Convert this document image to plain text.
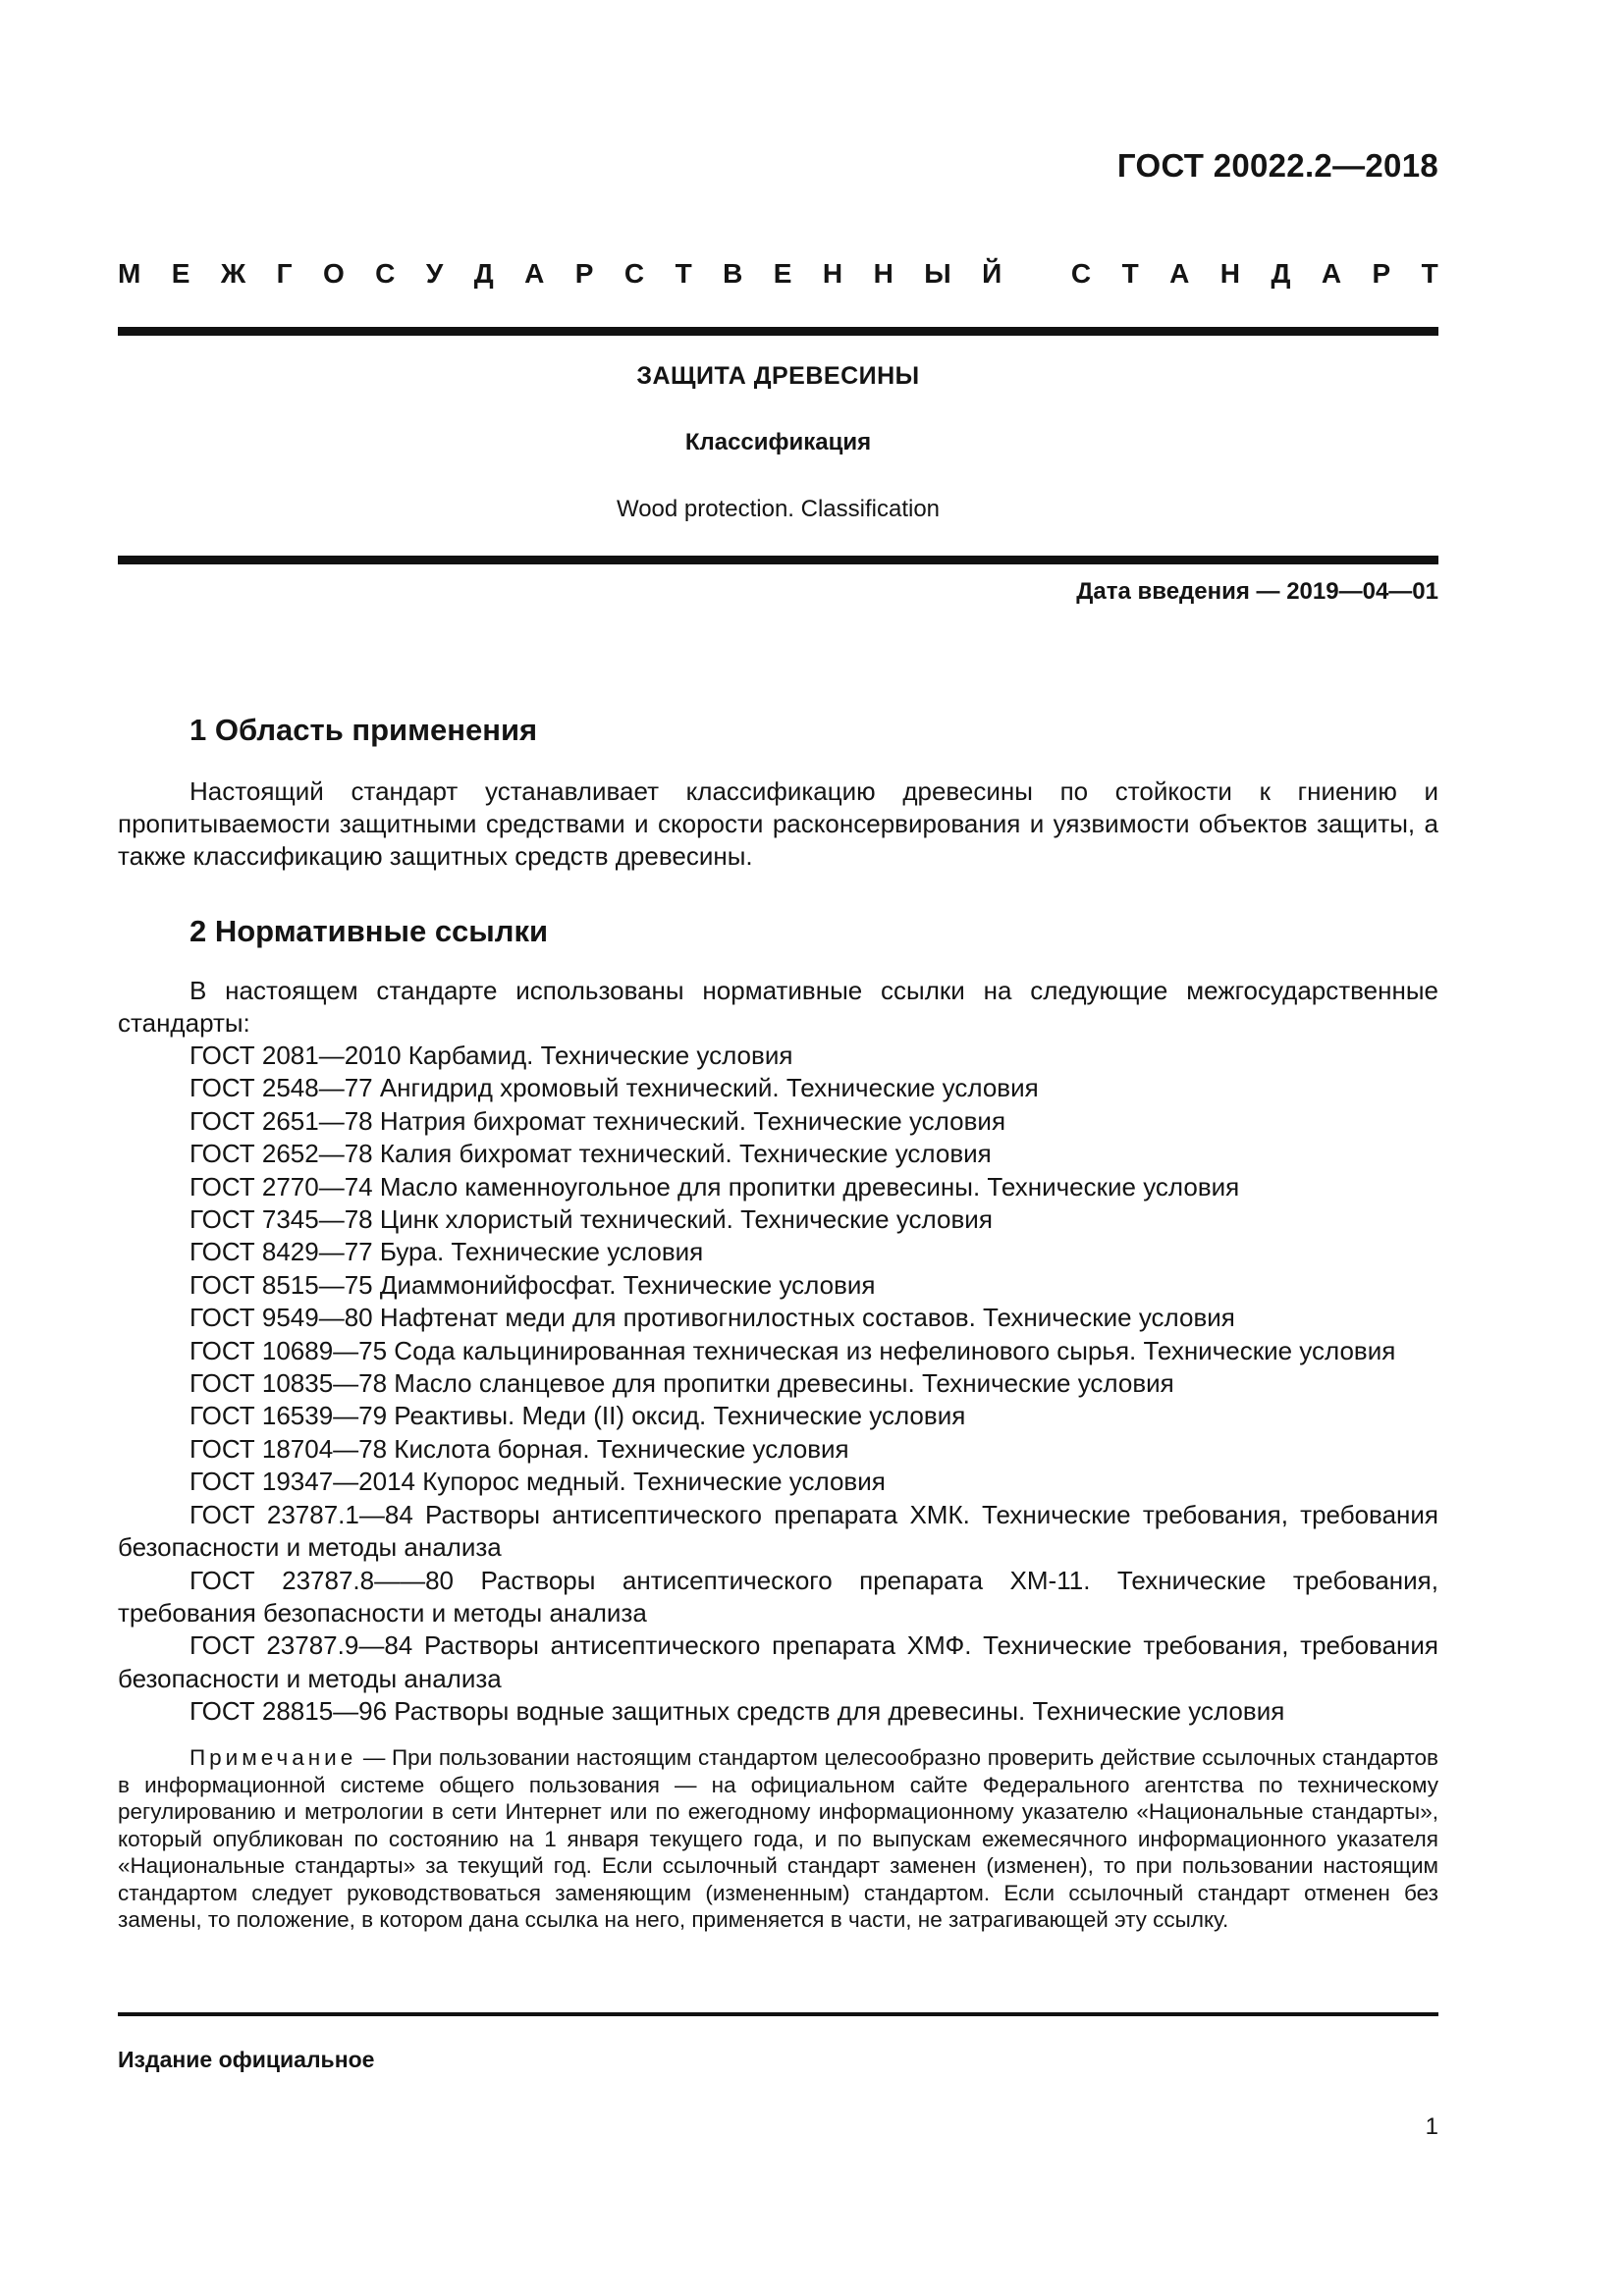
ГОСТ 20022.2—2018
М Е Ж Г О С У Д А Р С Т В Е Н Н Ы Й
	С Т А Н Д А Р Т
ЗАЩИТА ДРЕВЕСИНЫ
Классификация
Wood protection. Classification
Дата введения — 2019—04—01
1 Область применения
Настоящий стандарт устанавливает классификацию древесины по стойкости к гниению и пропитываемости защитными средствами и скорости расконсервирования и уязвимости объектов защиты, а также классификацию защитных средств древесины.
2 Нормативные ссылки
В настоящем стандарте использованы нормативные ссылки на следующие межгосударственные стандарты:
ГОСТ 2081—2010 Карбамид. Технические условия
ГОСТ 2548—77 Ангидрид хромовый технический. Технические условия
ГОСТ 2651—78 Натрия бихромат технический. Технические условия
ГОСТ 2652—78 Калия бихромат технический. Технические условия
ГОСТ 2770—74 Масло каменноугольное для пропитки древесины. Технические условия
ГОСТ 7345—78 Цинк хлористый технический. Технические условия
ГОСТ 8429—77 Бура. Технические условия
ГОСТ 8515—75 Диаммонийфосфат. Технические условия
ГОСТ 9549—80 Нафтенат меди для противогнилостных составов. Технические условия
ГОСТ 10689—75 Сода кальцинированная техническая из нефелинового сырья. Технические условия
ГОСТ 10835—78 Масло сланцевое для пропитки древесины. Технические условия
ГОСТ 16539—79 Реактивы. Меди (II) оксид. Технические условия
ГОСТ 18704—78 Кислота борная. Технические условия
ГОСТ 19347—2014 Купорос медный. Технические условия
ГОСТ 23787.1—84 Растворы антисептического препарата ХМК. Технические требования, требования безопасности и методы анализа
ГОСТ 23787.8——80 Растворы антисептического препарата ХМ-11. Технические требования, требования безопасности и методы анализа
ГОСТ 23787.9—84 Растворы антисептического препарата ХМФ. Технические требования, требования безопасности и методы анализа
ГОСТ 28815—96 Растворы водные защитных средств для древесины. Технические условия
Примечание — При пользовании настоящим стандартом целесообразно проверить действие ссылочных стандартов в информационной системе общего пользования — на официальном сайте Федерального агентства по техническому регулированию и метрологии в сети Интернет или по ежегодному информационному указателю «Национальные стандарты», который опубликован по состоянию на 1 января текущего года, и по выпускам ежемесячного информационного указателя «Национальные стандарты» за текущий год. Если ссылочный стандарт заменен (изменен), то при пользовании настоящим стандартом следует руководствоваться заменяющим (измененным) стандартом. Если ссылочный стандарт отменен без замены, то положение, в котором дана ссылка на него, применяется в части, не затрагивающей эту ссылку.
Издание официальное
1
